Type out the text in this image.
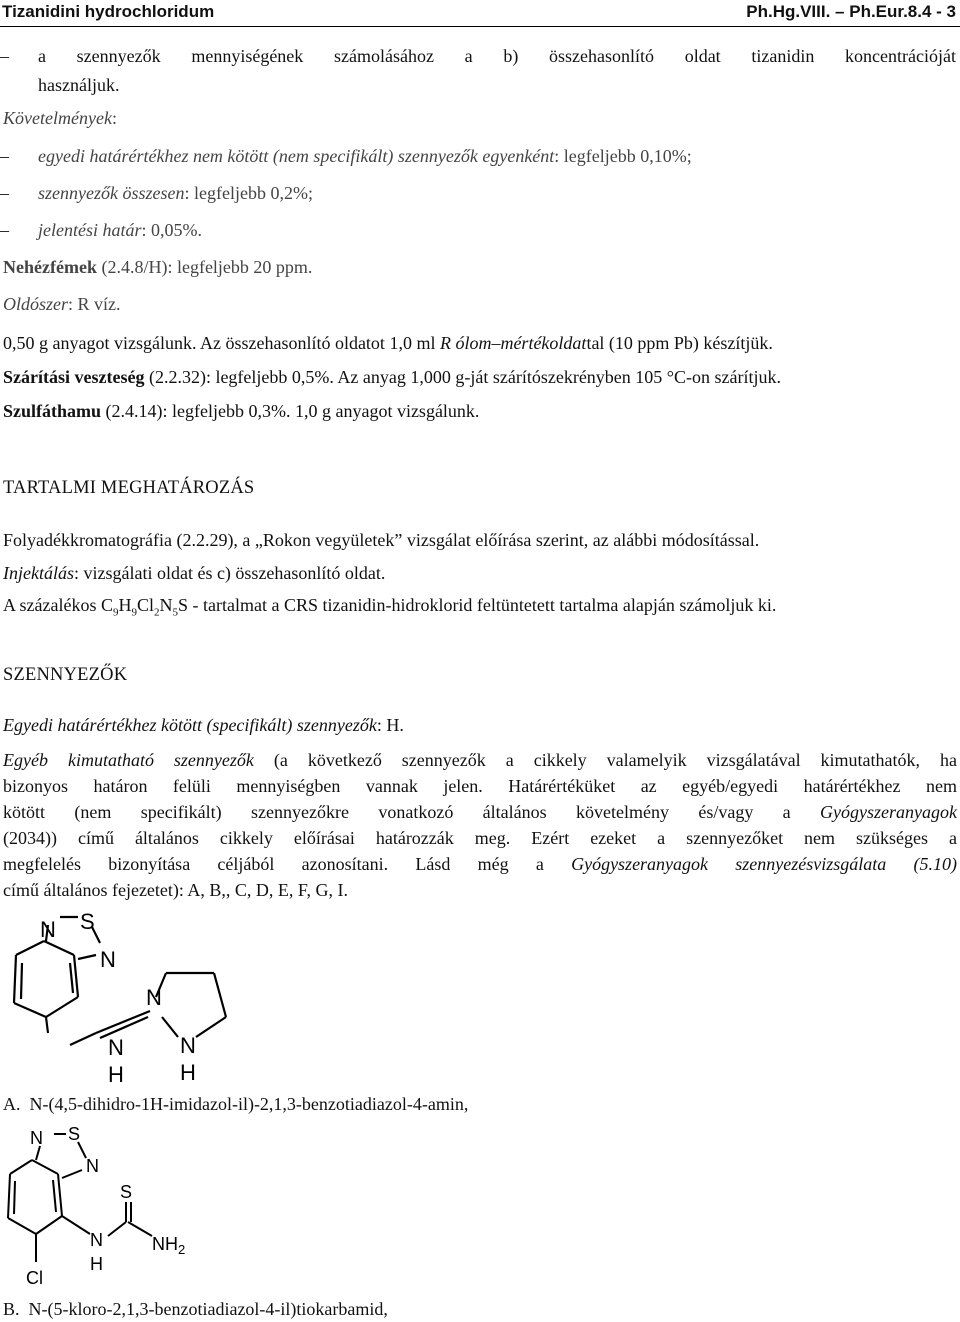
Tizanidini hydrochloridum	Ph.Hg.VIII. – Ph.Eur.8.4 - 3
– a szennyezők mennyiségének számolásához a b) összehasonlító oldat tizanidin koncentrációját
használjuk.
Követelmények:
– egyedi határértékhez nem kötött (nem specifikált) szennyezők egyenként: legfeljebb 0,10%;
– szennyezők összesen: legfeljebb 0,2%;
– jelentési határ: 0,05%.
Nehézfémek (2.4.8/H): legfeljebb 20 ppm.
Oldószer: R víz.
0,50 g anyagot vizsgálunk. Az összehasonlító oldatot 1,0 ml R ólom–mértékoldattal (10 ppm Pb) készítjük.
Szárítási veszteség (2.2.32): legfeljebb 0,5%. Az anyag 1,000 g-ját szárítószekrényben 105 °C-on szárítjuk.
Szulfáthamu (2.4.14): legfeljebb 0,3%. 1,0 g anyagot vizsgálunk.
TARTALMI MEGHATÁROZÁS
Folyadékkromatográfia (2.2.29), a „Rokon vegyületek” vizsgálat előírása szerint, az alábbi módosítással.
Injektálás: vizsgálati oldat és c) összehasonlító oldat.
A százalékos $C_9H_9Cl_2N_5S$ - tartalmat a CRS tizanidin-hidroklorid feltüntetett tartalma alapján számoljuk ki.
SZENNYEZŐK
Egyedi határértékhez kötött (specifikált) szennyezők: H.
Egyéb kimutatható szennyezők (a következő szennyezők a cikkely valamelyik vizsgálatával kimutathatók, ha
bizonyos határon felüli mennyiségben vannak jelen. Határértéküket az egyéb/egyedi határértékhez nem
kötött (nem specifikált) szennyezőkre vonatkozó általános követelmény és/vagy a Gyógyszeranyagok
(2034)) című általános cikkely előírásai határozzák meg. Ezért ezeket a szennyezőket nem szükséges a
megfelelés bizonyítása céljából azonosítani. Lásd még a Gyógyszeranyagok szennyezésvizsgálata (5.10)
című általános fejezetet): A, B,, C, D, E, F, G, I.
N S
N
N
N
H
N
H
A. N-(4,5-dihidro-1H-imidazol-il)-2,1,3-benzotiadiazol-4-amin,
N S
N
S
N
H
$NH_2$
Cl
B. N-(5-kloro-2,1,3-benzotiadiazol-4-il)tiokarbamid,
